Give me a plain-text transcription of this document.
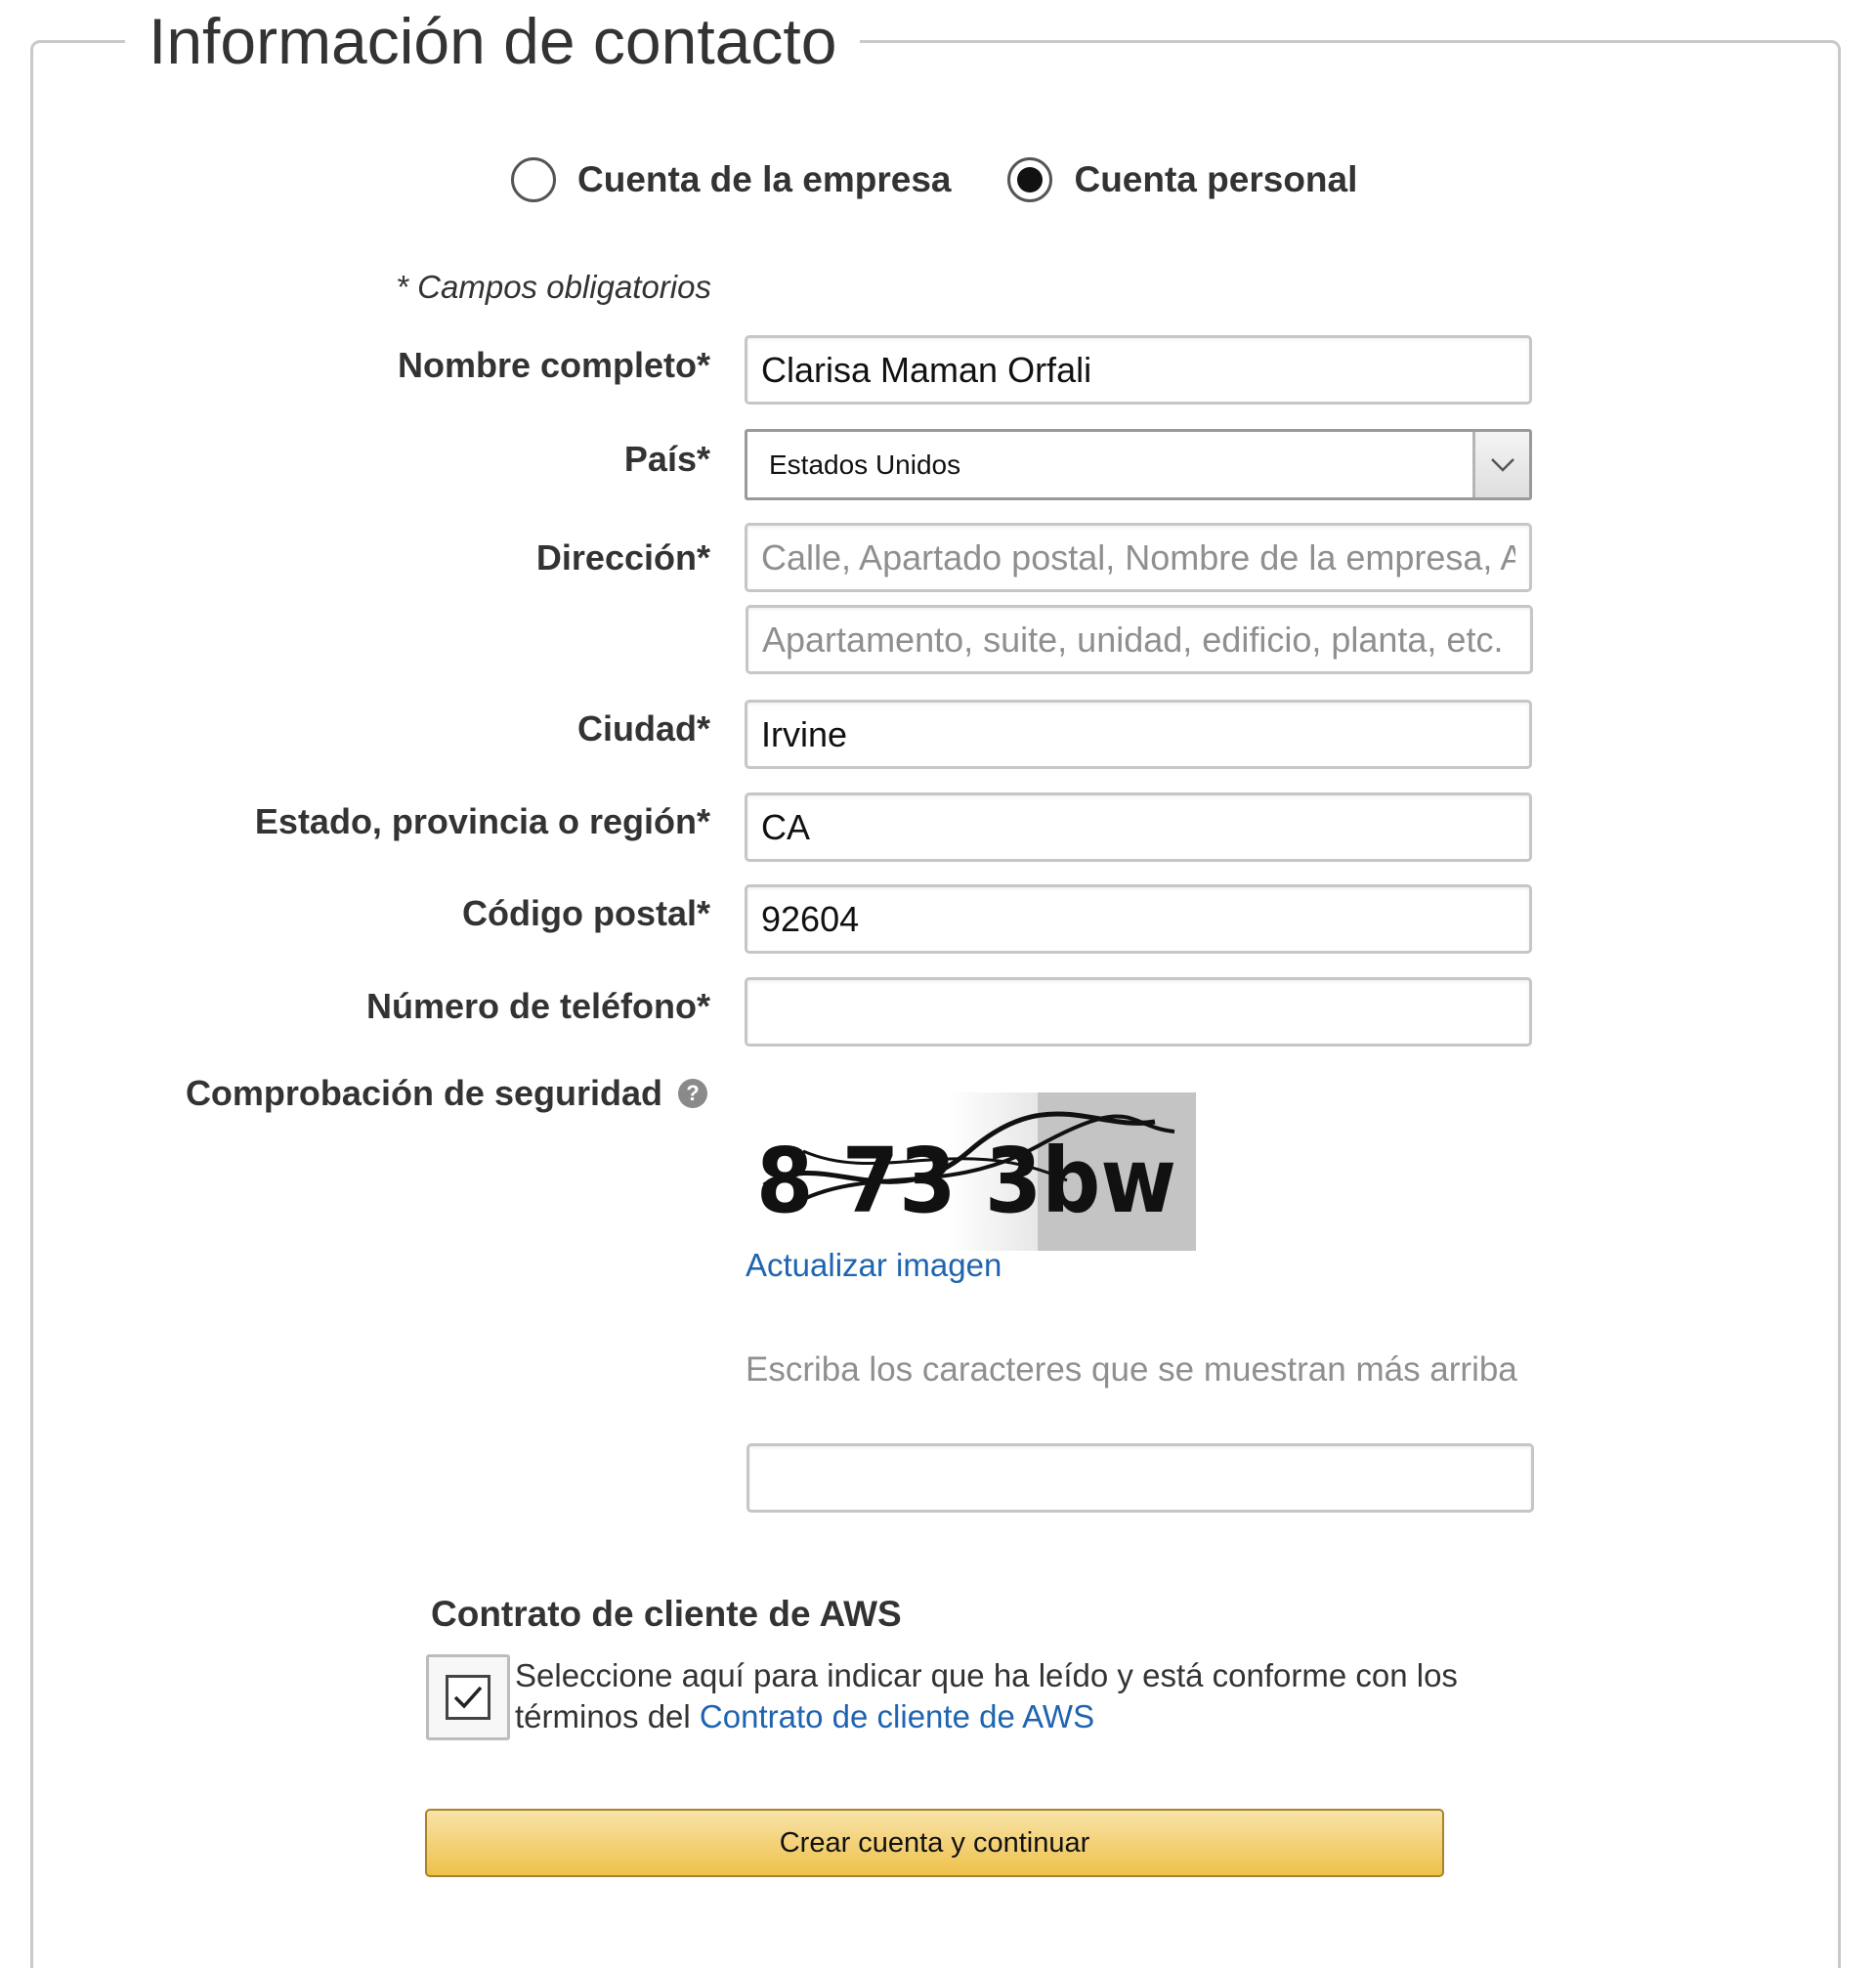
Información de contacto
Cuenta de la empresa	Cuenta personal
* Campos obligatorios
Nombre completo*
Clarisa Maman Orfali
País*	Estados Unidos
Dirección*
Calle, Apartado postal, Nombre de la empresa, A
Apartamento, suite, unidad, edificio, planta, etc.
Ciudad*
Irvine
Estado, provincia o región*
CA
Código postal*
92604
Número de teléfono*
Comprobación de seguridad	?
8 73 3bw
Actualizar imagen
Escriba los caracteres que se muestran más arriba
Contrato de cliente de AWS
Seleccione aquí para indicar que ha leído y está conforme con los términos del Contrato de cliente de AWS
Crear cuenta y continuar
